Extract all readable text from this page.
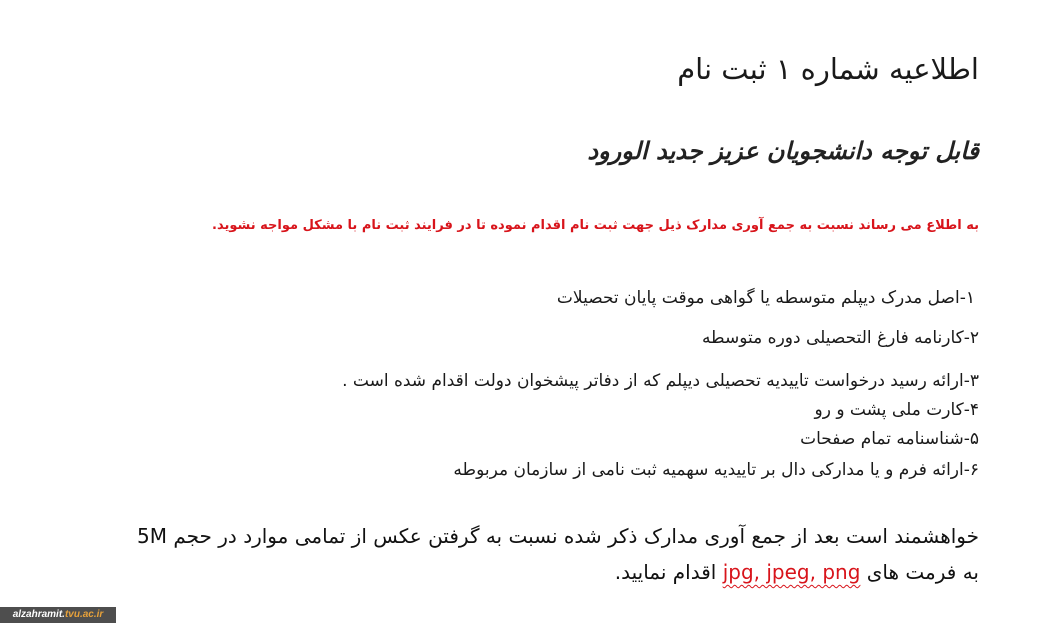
اطلاعیه شماره ۱ ثبت نام
قابل توجه دانشجویان عزیز جدید الورود
به اطلاع می رساند نسبت به جمع آوری مدارک ذیل جهت ثبت نام اقدام نموده تا در فرایند ثبت نام با مشکل مواجه نشوید.
۱-اصل مدرک دیپلم متوسطه یا گواهی موقت پایان تحصیلات
۲-کارنامه فارغ التحصیلی دوره متوسطه
۳-ارائه رسید درخواست تاییدیه تحصیلی دیپلم که از دفاتر پیشخوان دولت اقدام شده است .
۴-کارت ملی پشت و رو
۵-شناسنامه تمام صفحات
۶-ارائه فرم و یا مدارکی دال بر تاییدیه سهمیه ثبت نامی از سازمان مربوطه
خواهشمند است بعد از جمع آوری مدارک ذکر شده نسبت به گرفتن عکس از تمامی موارد در حجم 5M
به فرمت های jpg, jpeg, png اقدام نمایید.
alzahramit.tvu.ac.ir
